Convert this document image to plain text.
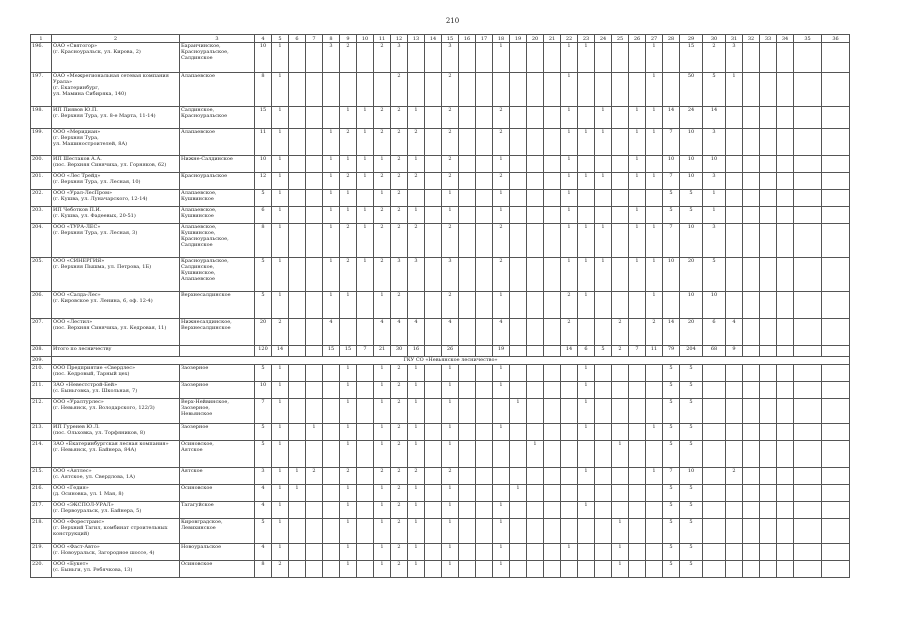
210
1	2	3	4	5	6	7	8	9	10	11	12	13	14	15	16	17	18	19	20	21	22	23	24	25	26	27	28	29	30	31	32	33	34	35	36
196.	ОАО «Святогор»
(г. Красноуральск, ул. Кирова, 2)	Баранчинское,
Красноуральское,
Салдинское	10	1			3	2		2	3			3			1				1	1				1		15	2	3					
197.	ОАО «Межрегиональная сетевая компания
Урала»
(г. Екатеринбург,
ул. Мамина Сибиряка, 140)	Алапаевское	8	1							2			2							1					1		50	5	1					
198.	ИП Пиявов Ю.П.
(г. Верхняя Тура, ул. 8-е Марта, 11-14)	Салдинское,
Красноуральское	15	1				1	1	2	2	1		2			2				1		1		1	1	14	24	14						
199.	ООО «Меридиан»
(г. Верхняя Тура,
ул. Машиностроителей, 8А)	Алапаевское	11	1			1	2	1	2	2	2		2			2				1	1	1		1	1	7	10	3						
200.	ИП Шестаков А.А.
(пос. Верхняя Синячиха, ул. Горняков, 62)	Нижне-Салдинское	10	1			1	1	1	1	2	1		2			1				1				1		10	10	10						
201.	ООО «Лес Трейд»
(г. Верхняя Тура, ул. Лесная, 10)	Красноуральское	12	1			1	2	1	2	2	2		2			2				1	1	1		1	1	7	10	3						
202.	ООО «Урал-ЛесПром»
(г. Кушва, ул. Луначарского, 12-14)	Алапаевское,
Кушвинское	5	1			1	1		1	2			1			1				1						5	5	1						
203.	ИП Чеботков П.И.
(г. Кушва, ул. Фадеевых, 20-51)	Алапаевское,
Кушвинское	6	1			1	1	1	2	2	1		1			1				1				1		5	5	1						
204.	ООО «ТУРА-ЛЕС»
(г. Верхняя Тура, ул. Лесная, 3)	Алапаевское,
Кушвинское,
Красноуральское,
Салдинское	8	1			1	2	1	2	2	2		2			2				1	1	1		1	1	7	10	3						
205.	ООО «СИНЕРГИЯ»
(г. Верхняя Пышма, ул. Петрова, 1Б)	Красноуральское,
Салдинское,
Кушвинское,
Алапаевское	5	1			1	2	1	2	3	3		3			2				1	1	1		1	1	10	20	5						
206.	ООО «Салда-Лес»
(г. Кировское ул. Ленина, 6, оф. 12-4)	Верхнесалдинское	5	1			1	1		1	2			2			1				2	1				1		10	10						
207.	ООО «Лестил»
(пос. Верхняя Синячиха, ул. Кедровая, 11)	Нижнесалдинское,
Верхнесалдинское	20	2			4			4	4	4		4			4				2			2		2	14	20	6	4					
208.	Итого по лесничеству		120	14			15	15	7	21	30	16		26			19				14	6	5	2	7	11	79	204	68	9					
209.	ГКУ СО «Невьянское лесничество»																																		
210.	ООО Предприятие «Свердлес»
(пос. Кедровый, Тарный цех)	Заозерное	5	1				1		1	2	1		1			1					1					5	5							
211.	ЗАО «Невестстрой-Бей»
(с. Быньговка, ул. Школьная, 7)	Заозерное	10	1				1		1	2	1		1			1					1					5	5							
212.	ООО «Уралтурлес»
(г. Невьянск, ул. Володарского, 122/3)	Верх-Нейвинское,
Заозерное,
Невьянское	7	1				1		1	2	1		1				1				1					5	5							
213.	ИП Гуренев Ю.Л.
(пос. Ольховка, ул. Торфяников, 8)	Заозерное	5	1		1		1		1	2	1		1			1					1				1	5	5							
214.	ЗАО «Екатеринбургская лесная компания»
(г. Невьянск, ул. Байнера, 84А)	Осиновское,
Аятское	5	1				1		1	2	1		1					1					1			5	5							
215.	ООО «Аятлес»
(с. Аятское, ул. Свердлова, 1А)	Аятское	3	1	1	2		2		2	2	2		2								1				1	7	10		2					
216.	ООО «Гедия»
(д. Осиновка, ул. 1 Мая, 8)	Осиновское	4	1	1			1		1	2	1		1				1									5	5							
217.	ООО «ЭКСПОЛ-УРАЛ»
(г. Первоуральск, ул. Байнера, 5)	Тагагуйское	4	1				1		1	2	1		1			1					1					5	5							
218.	ООО «Форестранс»
(г. Верхний Тагил, комбинат строительных
конструкций)	Кировградское,
Левихинское	5	1				1		1	2	1		1			1							1			5	5							
219.	ООО «Фаст-Авто»
(г. Новоуральск, Загородное шоссе, 4)	Новоуральское	4	1				1		1	2	1		1			1				1			1			5	5							
220.	ООО «Букет»
(с. Быньги, ул. Ребячкова, 13)	Осиновское	8	2				1		1	2	1		1			1							1			5	5							
